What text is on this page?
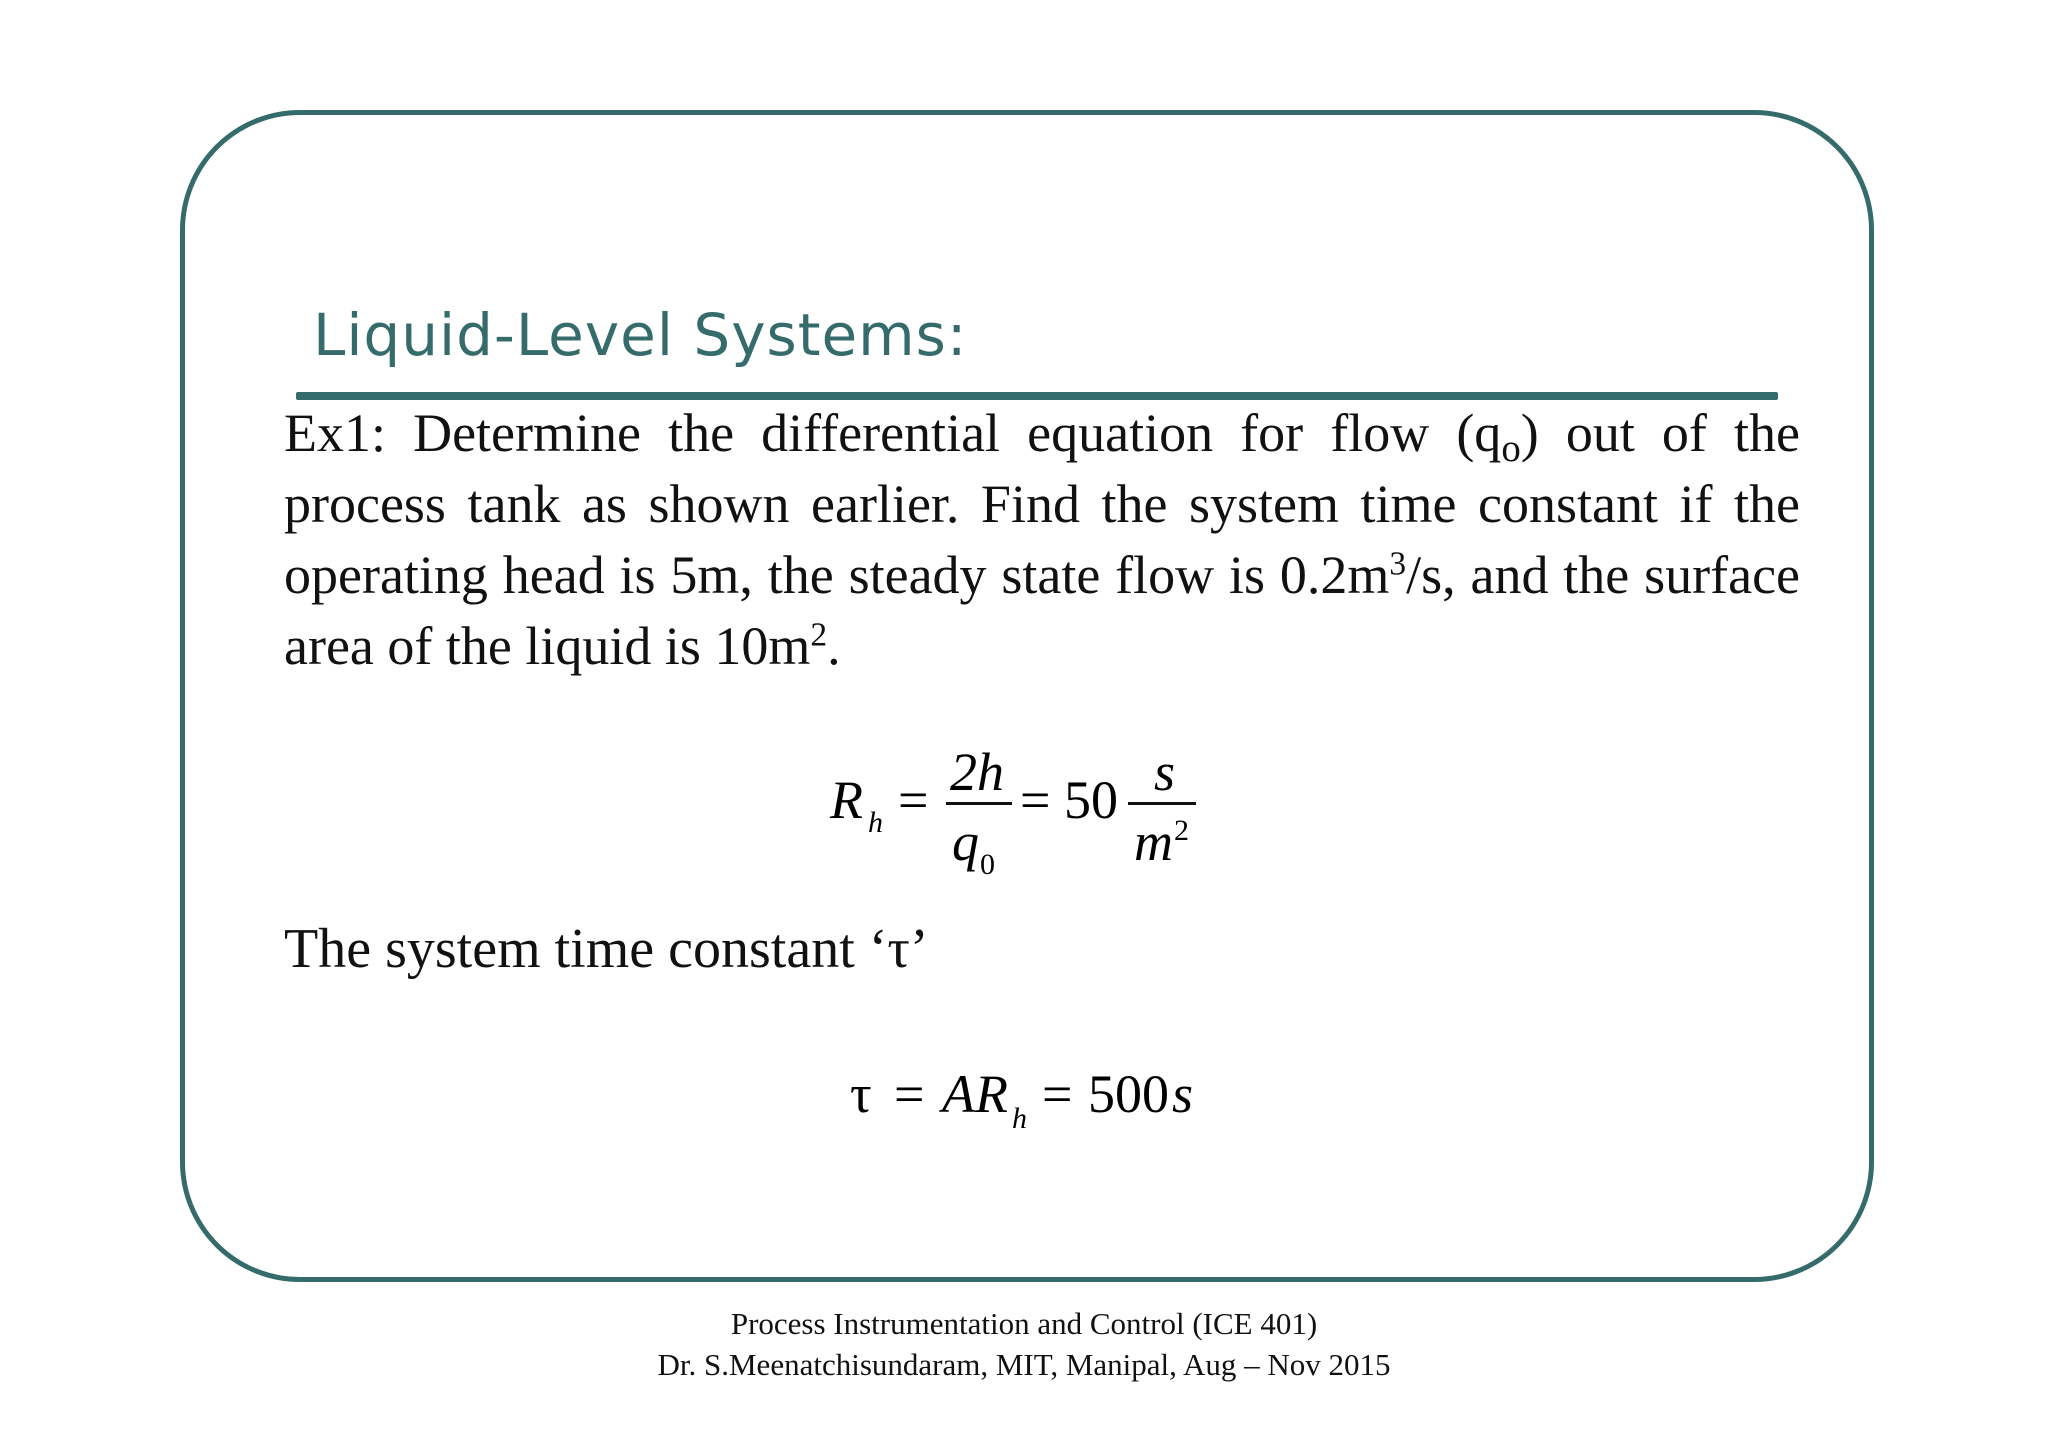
Liquid-Level Systems:
Ex1: Determine the differential equation for flow $(q_o)$ out of the process tank as shown earlier. Find the system time constant if the operating head is 5m, the steady state flow is $0.2m^3/s$, and the surface area of the liquid is $10m^2$.
R h = 2h
q 0
= 50 s
m 2
The system time constant ‘τ’
τ = AR h = 500 s
Process Instrumentation and Control (ICE 401)
Dr. S.Meenatchisundaram, MIT, Manipal, Aug – Nov 2015
